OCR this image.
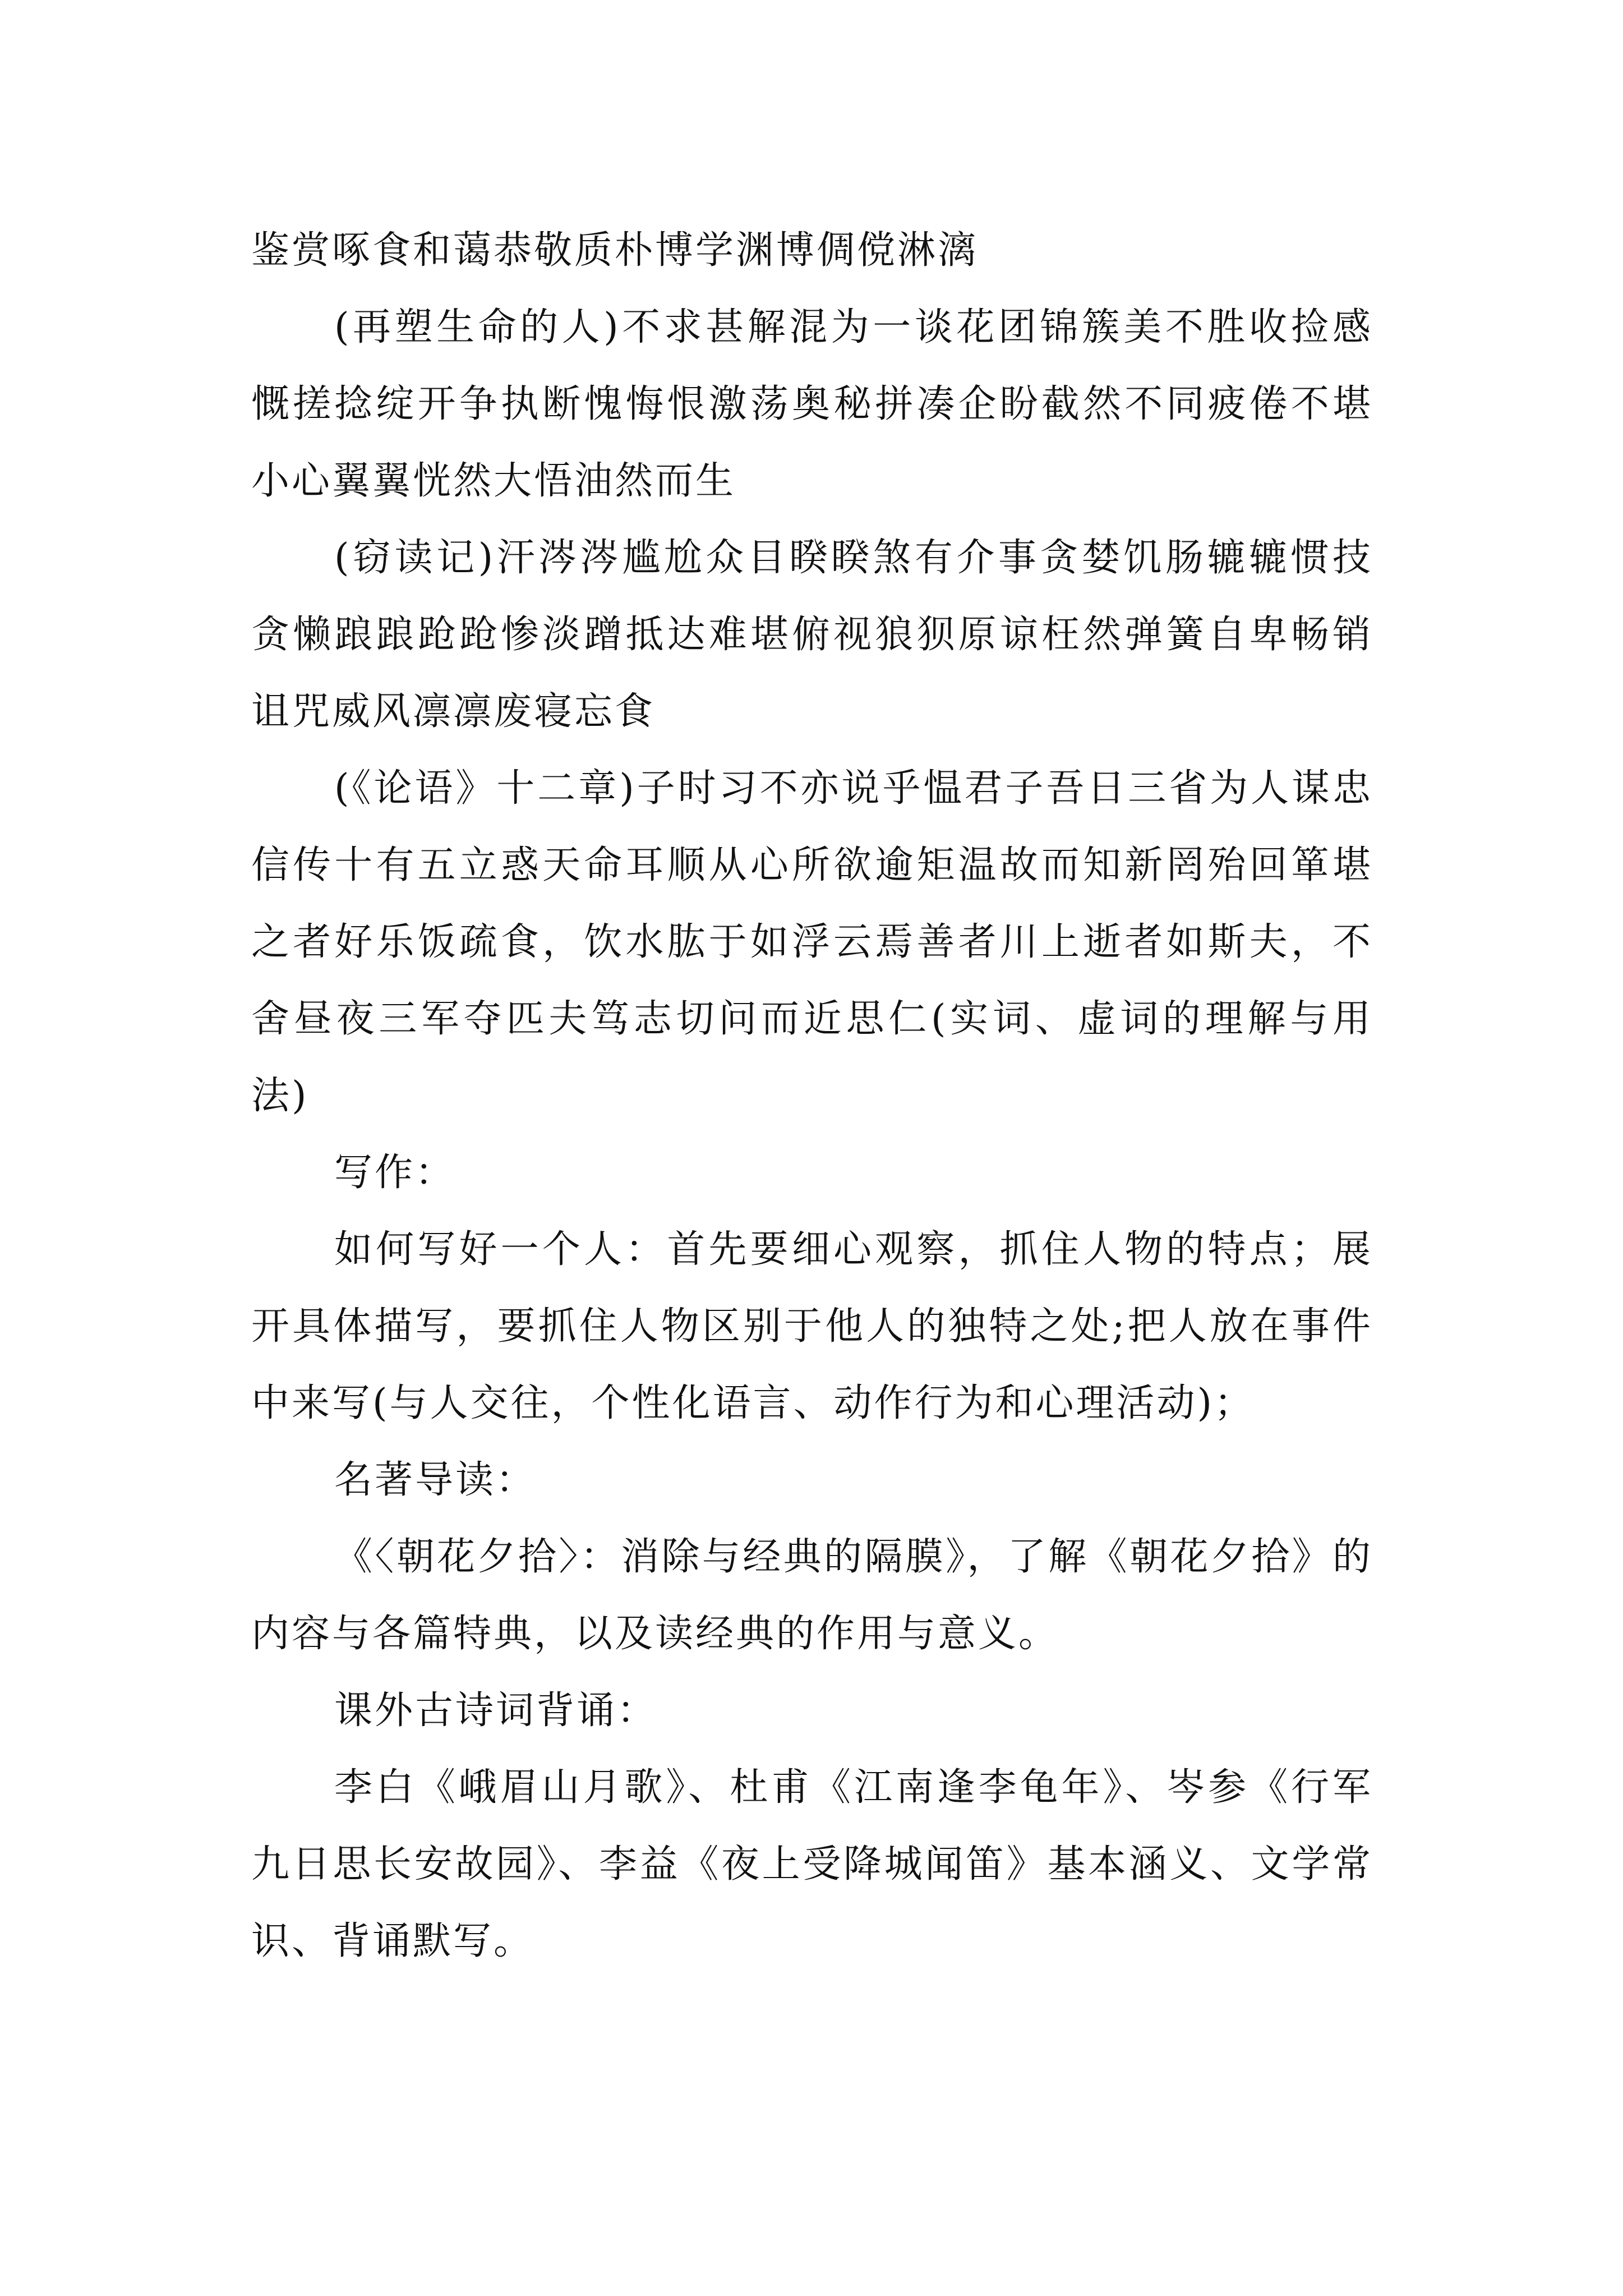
鉴赏啄食和蔼恭敬质朴博学渊博倜傥淋漓

(再塑生命的人)不求甚解混为一谈花团锦簇美不胜收捡感慨搓捻绽开争执断愧悔恨激荡奥秘拼凑企盼截然不同疲倦不堪小心翼翼恍然大悟油然而生

(窃读记)汗涔涔尴尬众目睽睽煞有介事贪婪饥肠辘辘惯技贪懒踉踉跄跄惨淡蹭抵达难堪俯视狼狈原谅枉然弹簧自卑畅销诅咒威风凛凛废寝忘食

(《论语》十二章)子时习不亦说乎愠君子吾日三省为人谋忠信传十有五立惑天命耳顺从心所欲逾矩温故而知新罔殆回箪堪之者好乐饭疏食，饮水肱于如浮云焉善者川上逝者如斯夫，不舍昼夜三军夺匹夫笃志切问而近思仁(实词、虚词的理解与用法)

写作：

如何写好一个人：首先要细心观察，抓住人物的特点；展开具体描写，要抓住人物区别于他人的独特之处;把人放在事件中来写(与人交往，个性化语言、动作行为和心理活动)；

名著导读：

《〈朝花夕拾〉：消除与经典的隔膜》，了解《朝花夕拾》的内容与各篇特典，以及读经典的作用与意义。

课外古诗词背诵：

李白《峨眉山月歌》、杜甫《江南逢李龟年》、岑参《行军九日思长安故园》、李益《夜上受降城闻笛》基本涵义、文学常识、背诵默写。
